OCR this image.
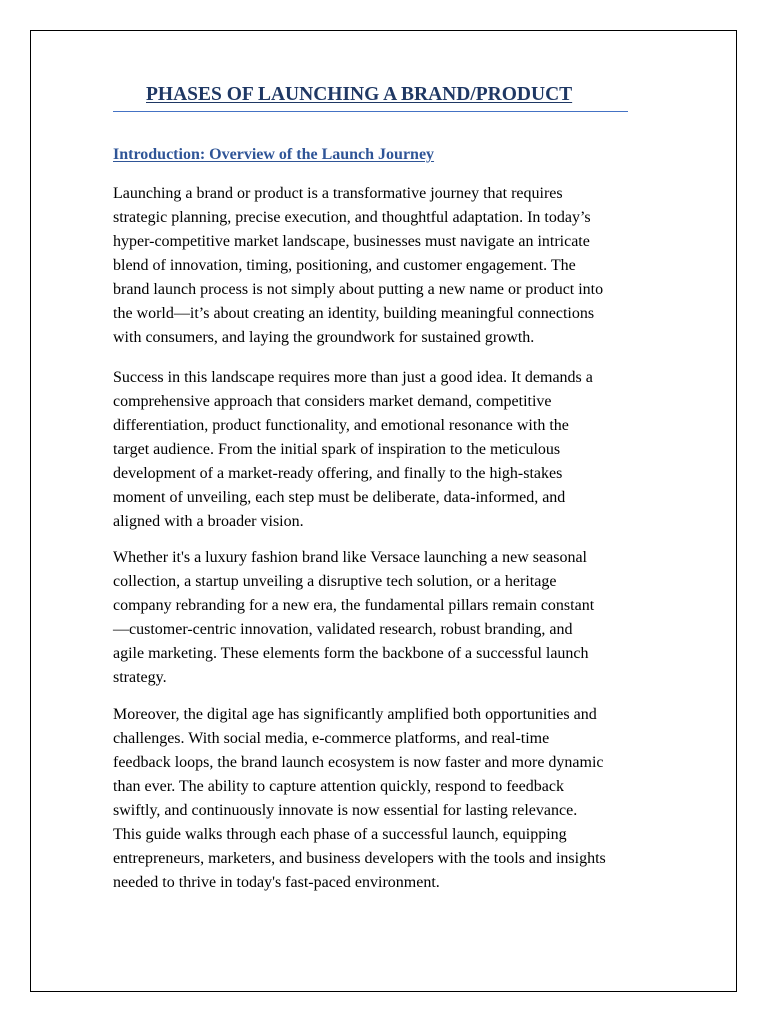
PHASES OF LAUNCHING A BRAND/PRODUCT
Introduction: Overview of the Launch Journey
Launching a brand or product is a transformative journey that requires
strategic planning, precise execution, and thoughtful adaptation. In today’s
hyper-competitive market landscape, businesses must navigate an intricate
blend of innovation, timing, positioning, and customer engagement. The
brand launch process is not simply about putting a new name or product into
the world—it’s about creating an identity, building meaningful connections
with consumers, and laying the groundwork for sustained growth.
Success in this landscape requires more than just a good idea. It demands a
comprehensive approach that considers market demand, competitive
differentiation, product functionality, and emotional resonance with the
target audience. From the initial spark of inspiration to the meticulous
development of a market-ready offering, and finally to the high-stakes
moment of unveiling, each step must be deliberate, data-informed, and
aligned with a broader vision.
Whether it's a luxury fashion brand like Versace launching a new seasonal
collection, a startup unveiling a disruptive tech solution, or a heritage
company rebranding for a new era, the fundamental pillars remain constant
—customer-centric innovation, validated research, robust branding, and
agile marketing. These elements form the backbone of a successful launch
strategy.
Moreover, the digital age has significantly amplified both opportunities and
challenges. With social media, e-commerce platforms, and real-time
feedback loops, the brand launch ecosystem is now faster and more dynamic
than ever. The ability to capture attention quickly, respond to feedback
swiftly, and continuously innovate is now essential for lasting relevance.
This guide walks through each phase of a successful launch, equipping
entrepreneurs, marketers, and business developers with the tools and insights
needed to thrive in today's fast-paced environment.
